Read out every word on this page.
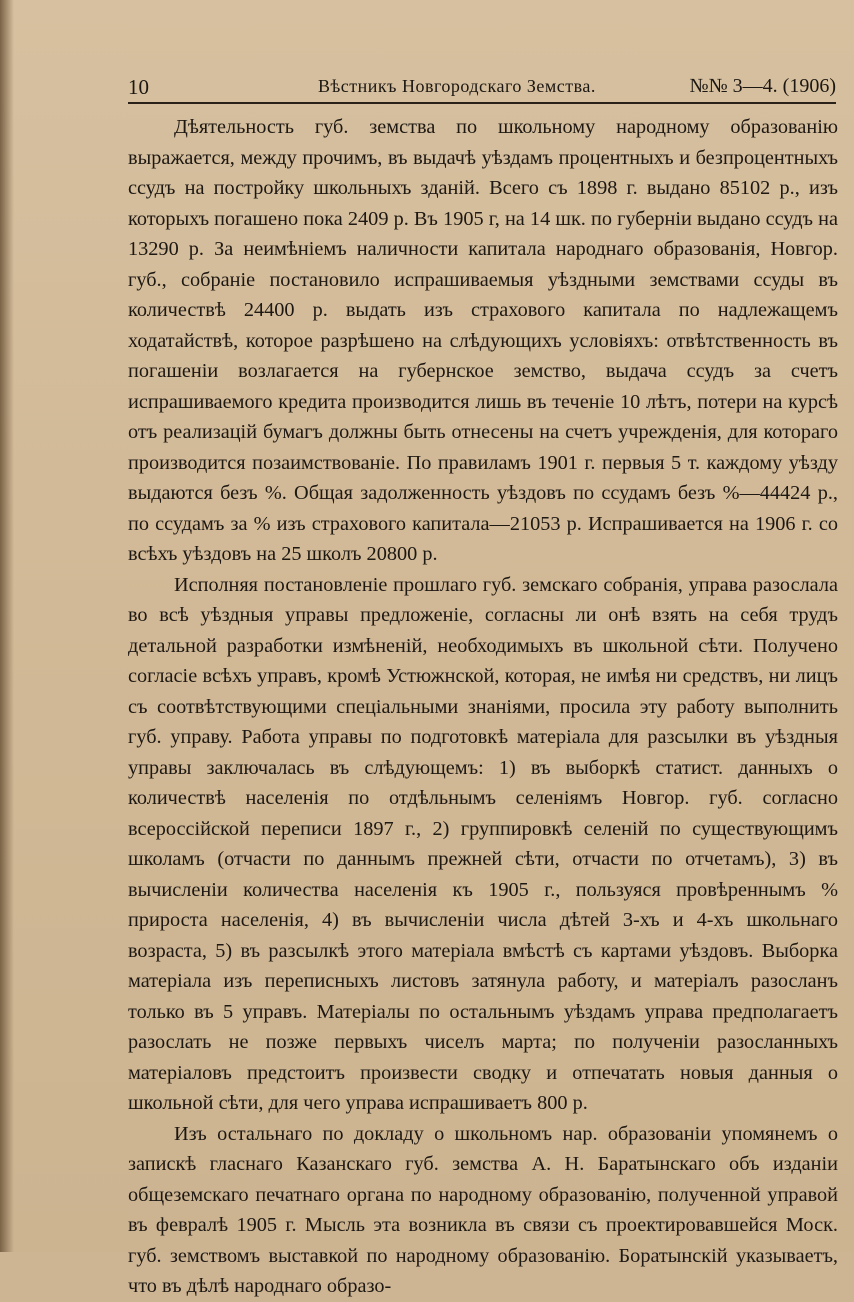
10	Вѣстникъ Новгородскаго Земства.	№№ 3—4. (1906)

Дѣятельность губ. земства по школьному народному образованію выражается, между прочимъ, въ выдачѣ уѣздамъ процентныхъ и безпроцентныхъ ссудъ на постройку школьныхъ зданій. Всего съ 1898 г. выдано 85102 р., изъ которыхъ погашено пока 2409 р. Въ 1905 г, на 14 шк. по губерніи выдано ссудъ на 13290 р. За неимѣніемъ наличности капитала народнаго образованія, Новгор. губ., собраніе постановило испрашиваемыя уѣздными земствами ссуды въ количествѣ 24400 р. выдать изъ страхового капитала по надлежащемъ ходатайствѣ, которое разрѣшено на слѣдующихъ условіяхъ: отвѣтственность въ погашеніи возлагается на губернское земство, выдача ссудъ за счетъ испрашиваемого кредита производится лишь въ теченіе 10 лѣтъ, потери на курсѣ отъ реализацій бумагъ должны быть отнесены на счетъ учрежденія, для котораго производится позаимствованіе. По правиламъ 1901 г. первыя 5 т. каждому уѣзду выдаются безъ %. Общая задолженность уѣздовъ по ссудамъ безъ %—44424 р., по ссудамъ за % изъ страхового капитала—21053 р. Испрашивается на 1906 г. со всѣхъ уѣздовъ на 25 школъ 20800 р.

Исполняя постановленіе прошлаго губ. земскаго собранія, управа разослала во всѣ уѣздныя управы предложеніе, согласны ли онѣ взять на себя трудъ детальной разработки измѣненій, необходимыхъ въ школьной сѣти. Получено согласіе всѣхъ управъ, кромѣ Устюжнской, которая, не имѣя ни средствъ, ни лицъ съ соотвѣтствующими спеціальными знаніями, просила эту работу выполнить губ. управу. Работа управы по подготовкѣ матеріала для разсылки въ уѣздныя управы заключалась въ слѣдующемъ: 1) въ выборкѣ статист. данныхъ о количествѣ населенія по отдѣльнымъ селеніямъ Новгор. губ. согласно всероссійской переписи 1897 г., 2) группировкѣ селеній по существующимъ школамъ (отчасти по даннымъ прежней сѣти, отчасти по отчетамъ), 3) въ вычисленіи количества населенія къ 1905 г., пользуяся провѣреннымъ % прироста населенія, 4) въ вычисленіи числа дѣтей 3-хъ и 4-хъ школьнаго возраста, 5) въ разсылкѣ этого матеріала вмѣстѣ съ картами уѣздовъ. Выборка матеріала изъ переписныхъ листовъ затянула работу, и матеріалъ разосланъ только въ 5 управъ. Матеріалы по остальнымъ уѣздамъ управа предполагаетъ разослать не позже первыхъ чиселъ марта; по полученіи разосланныхъ матеріаловъ предстоитъ произвести сводку и отпечатать новыя данныя о школьной сѣти, для чего управа испрашиваетъ 800 р.

Изъ остальнаго по докладу о школьномъ нар. образованіи упомянемъ о запискѣ гласнаго Казанскаго губ. земства А. Н. Баратынскаго объ изданіи общеземскаго печатнаго органа по народному образованію, полученной управой въ февралѣ 1905 г. Мысль эта возникла въ связи съ проектировавшейся Моск. губ. земствомъ выставкой по народному образованію. Боратынскій указываетъ, что въ дѣлѣ народнаго образо-
